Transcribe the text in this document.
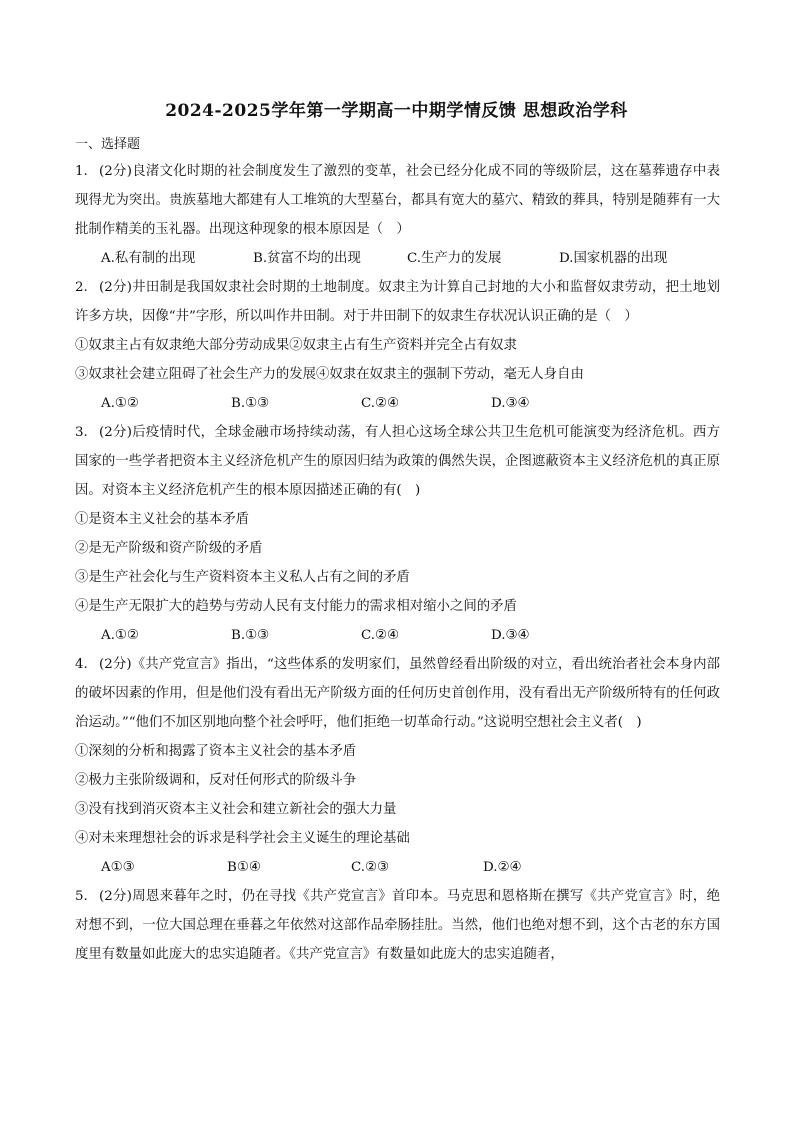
2024-2025学年第一学期高一中期学情反馈 思想政治学科
一、选择题

1. (2分)良渚文化时期的社会制度发生了激烈的变革，社会已经分化成不同的等级阶层，这在墓葬遗存中表现得尤为突出。贵族墓地大都建有人工堆筑的大型墓台，都具有宽大的墓穴、精致的葬具，特别是随葬有一大批制作精美的玉礼器。出现这种现象的根本原因是（　）

A.私有制的出现	B.贫富不均的出现	C.生产力的发展	D.国家机器的出现

2. (2分)井田制是我国奴隶社会时期的土地制度。奴隶主为计算自己封地的大小和监督奴隶劳动，把土地划许多方块，因像“井”字形，所以叫作井田制。对于井田制下的奴隶生存状况认识正确的是（　）

①奴隶主占有奴隶绝大部分劳动成果②奴隶主占有生产资料并完全占有奴隶

③奴隶社会建立阻碍了社会生产力的发展④奴隶在奴隶主的强制下劳动，毫无人身自由

A.①②	B.①③	C.②④	D.③④

3. (2分)后疫情时代，全球金融市场持续动荡，有人担心这场全球公共卫生危机可能演变为经济危机。西方国家的一些学者把资本主义经济危机产生的原因归结为政策的偶然失误，企图遮蔽资本主义经济危机的真正原因。对资本主义经济危机产生的根本原因描述正确的有(　)

①是资本主义社会的基本矛盾

②是无产阶级和资产阶级的矛盾

③是生产社会化与生产资料资本主义私人占有之间的矛盾

④是生产无限扩大的趋势与劳动人民有支付能力的需求相对缩小之间的矛盾

A.①②	B.①③	C.②④	D.③④

4. (2分)《共产党宣言》指出，“这些体系的发明家们，虽然曾经看出阶级的对立，看出统治者社会本身内部的破坏因素的作用，但是他们没有看出无产阶级方面的任何历史首创作用，没有看出无产阶级所特有的任何政治运动。”“他们不加区别地向整个社会呼吁，他们拒绝一切革命行动。”这说明空想社会主义者(　)

①深刻的分析和揭露了资本主义社会的基本矛盾

②极力主张阶级调和，反对任何形式的阶级斗争

③没有找到消灭资本主义社会和建立新社会的强大力量

④对未来理想社会的诉求是科学社会主义诞生的理论基础

A①③	B①④	C.②③	D.②④

5. (2分)周恩来暮年之时，仍在寻找《共产党宣言》首印本。马克思和恩格斯在撰写《共产党宣言》时，绝对想不到，一位大国总理在垂暮之年依然对这部作品牵肠挂肚。当然，他们也绝对想不到，这个古老的东方国度里有数量如此庞大的忠实追随者。《共产党宣言》有数量如此庞大的忠实追随者，
